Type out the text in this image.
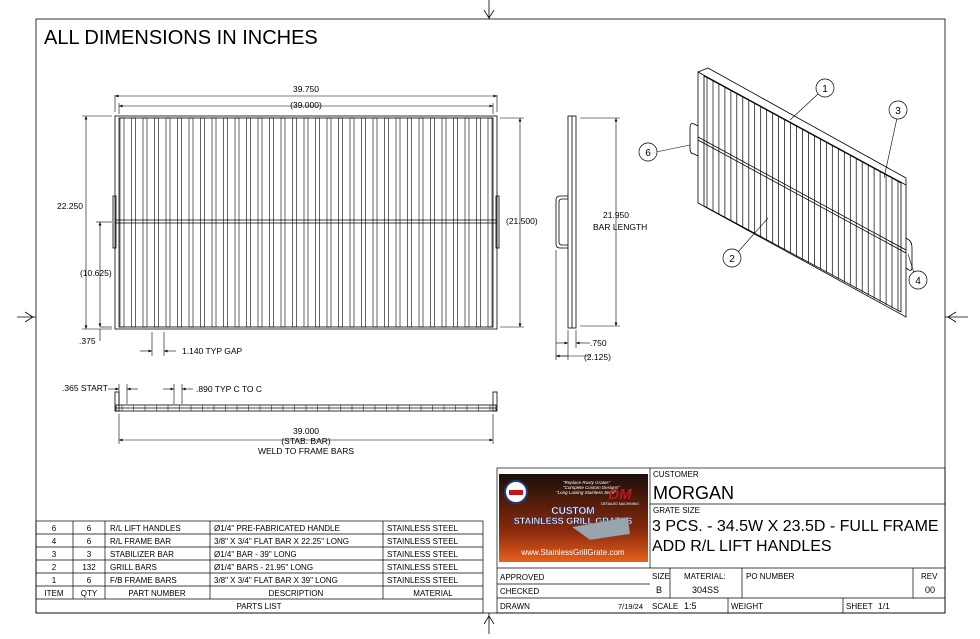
ALL DIMENSIONS IN INCHES
39.750
(39.000)
22.250
(21.500)
(10.625)
.375
1.140 TYP GAP
21.950
BAR LENGTH
.750
(2.125)
.365 START	.890 TYP C TO C
39.000
(STAB. BAR)
WELD TO FRAME BARS
1
3
6
2
4
6	6 R/L LIFT HANDLES	Ø1/4" PRE-FABRICATED HANDLE	STAINLESS STEEL
4	6 R/L FRAME BAR	3/8" X 3/4" FLAT BAR X 22.25" LONG	STAINLESS STEEL
3	3 STABILIZER BAR	Ø1/4" BAR - 39" LONG	STAINLESS STEEL
2	132 GRILL BARS	Ø1/4" BARS - 21.95" LONG	STAINLESS STEEL
1	6 F/B FRAME BARS	3/8" X 3/4" FLAT BAR X 39" LONG	STAINLESS STEEL
ITEM QTY	PART NUMBER	DESCRIPTION	MATERIAL
PARTS LIST
"Replace Rusty Grates"
"Complete Custom Designs"
"Long Lasting Stainless Steel"
DM
DETAILED MACHINING
CUSTOM
STAINLESS GRILL GRATES
www.StainlessGrillGrate.com
CUSTOMER
MORGAN
GRATE SIZE
3 PCS. - 34.5W X 23.5D - FULL FRAME
ADD R/L LIFT HANDLES
APPROVED
CHECKED
DRAWN	7/19/24
SIZE
B
MATERIAL:
304SS
PO NUMBER	REV
00
SCALE 1:5	WEIGHT	SHEET 1/1
